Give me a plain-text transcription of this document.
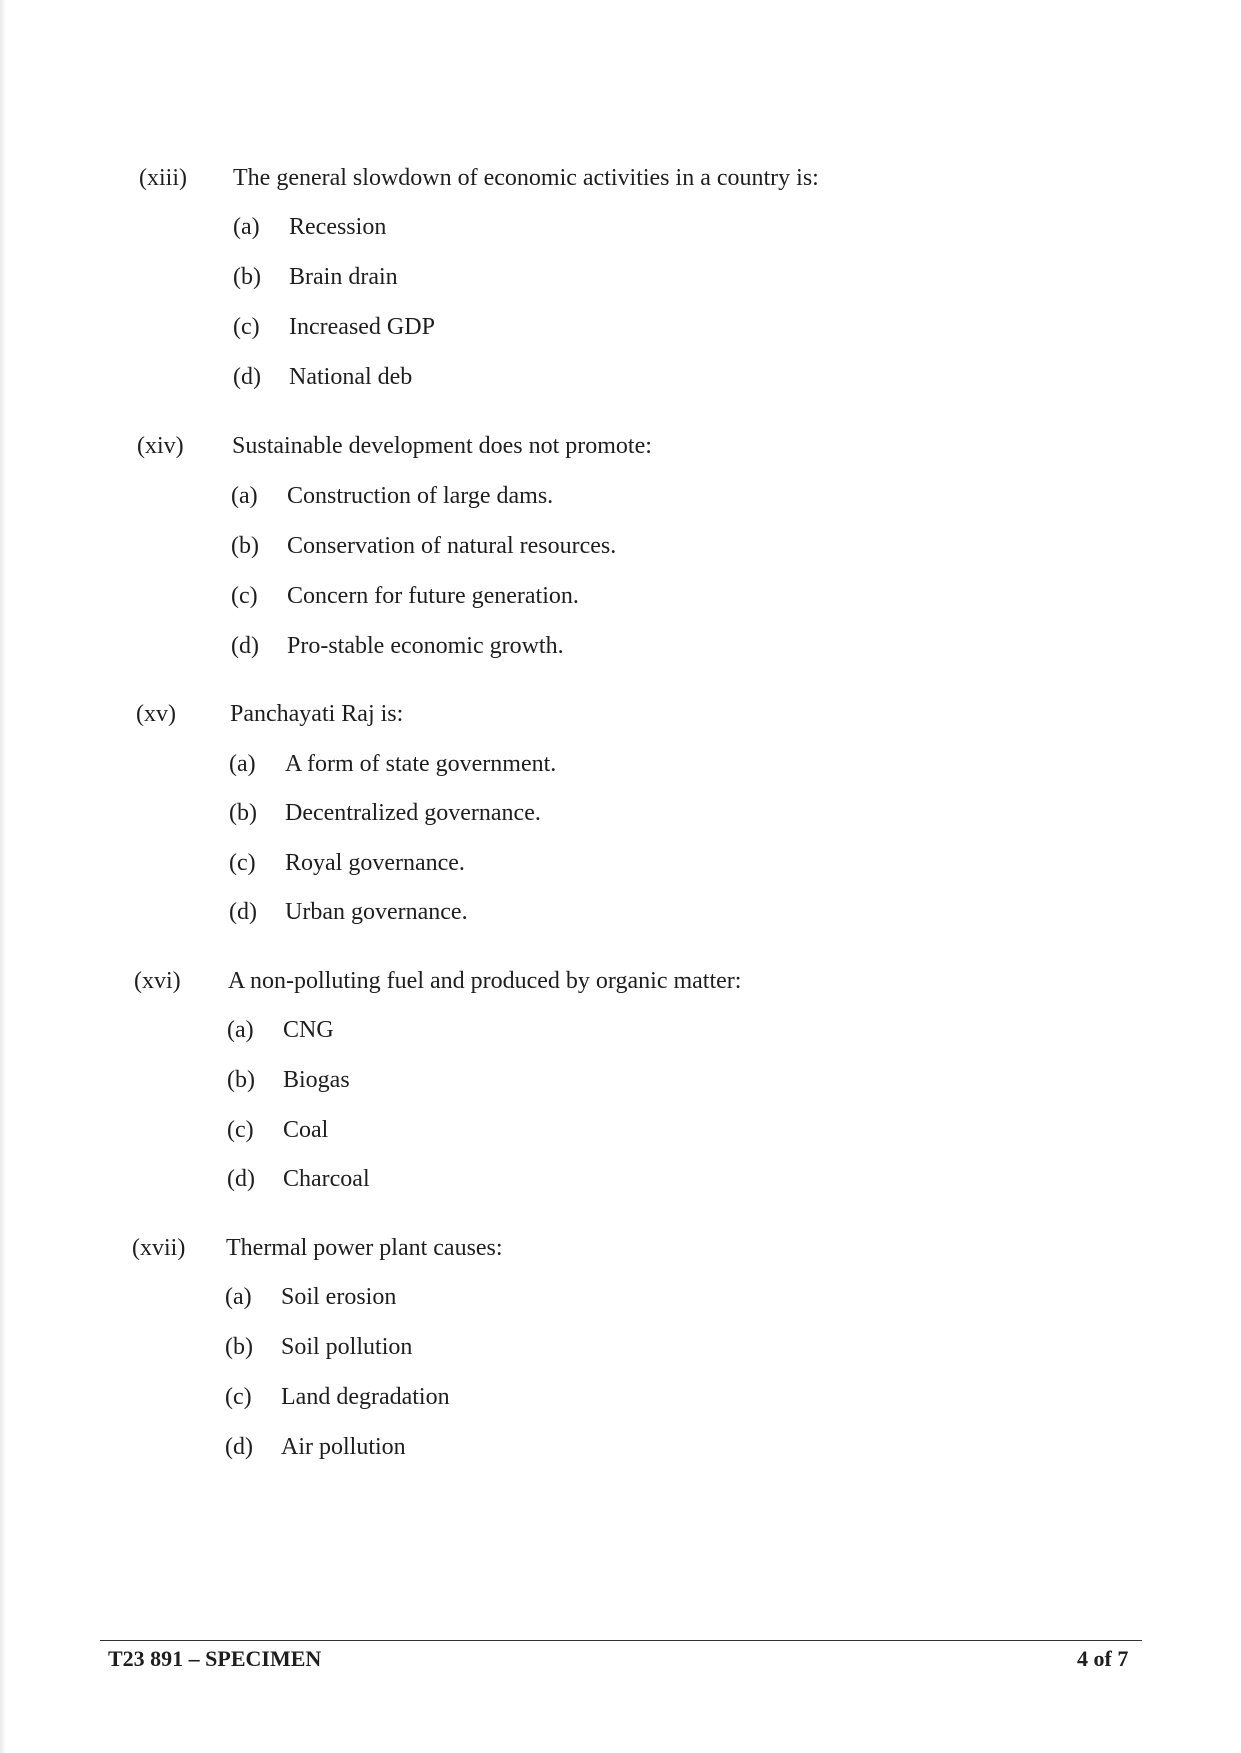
(xiii) The general slowdown of economic activities in a country is:
(a) Recession
(b) Brain drain
(c) Increased GDP
(d) National deb
(xiv) Sustainable development does not promote:
(a) Construction of large dams.
(b) Conservation of natural resources.
(c) Concern for future generation.
(d) Pro-stable economic growth.
(xv) Panchayati Raj is:
(a) A form of state government.
(b) Decentralized governance.
(c) Royal governance.
(d) Urban governance.
(xvi) A non-polluting fuel and produced by organic matter:
(a) CNG
(b) Biogas
(c) Coal
(d) Charcoal
(xvii) Thermal power plant causes:
(a) Soil erosion
(b) Soil pollution
(c) Land degradation
(d) Air pollution
T23 891 – SPECIMEN	4 of 7
